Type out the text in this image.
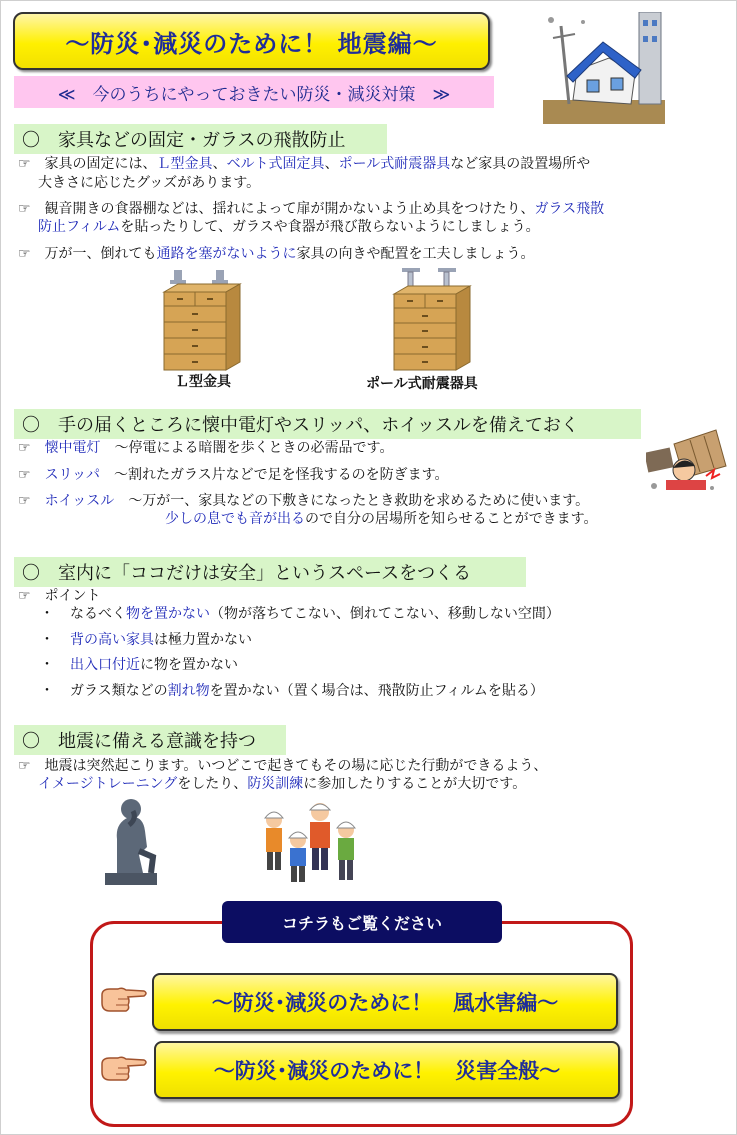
～防災･減災のために！ 地震編～
≪　今のうちにやっておきたい防災・減災対策　≫
〇　家具などの固定・ガラスの飛散防止
☞　家具の固定には、Ｌ型金具、ベルト式固定具、ポール式耐震器具など家具の設置場所や
大きさに応じたグッズがあります。
☞　観音開きの食器棚などは、揺れによって扉が開かないよう止め具をつけたり、ガラス飛散
防止フィルムを貼ったりして、ガラスや食器が飛び散らないようにしましょう。
☞　万が一、倒れても通路を塞がないように家具の向きや配置を工夫しましょう。
Ｌ型金具	ポール式耐震器具
〇　手の届くところに懐中電灯やスリッパ、ホイッスルを備えておく
☞　懐中電灯　～停電による暗闇を歩くときの必需品です。
☞　スリッパ　～割れたガラス片などで足を怪我するのを防ぎます。
☞　ホイッスル　～万が一、家具などの下敷きになったとき救助を求めるために使います。
少しの息でも音が出るので自分の居場所を知らせることができます。
〇　室内に「ココだけは安全」というスペースをつくる
☞　ポイント
・ なるべく物を置かない（物が落ちてこない、倒れてこない、移動しない空間）
・ 背の高い家具は極力置かない
・ 出入口付近に物を置かない
・ ガラス類などの割れ物を置かない（置く場合は、飛散防止フィルムを貼る）
〇　地震に備える意識を持つ
☞　地震は突然起こります。いつどこで起きてもその場に応じた行動ができるよう、
イメージトレーニングをしたり、防災訓練に参加したりすることが大切です。
コチラもご覧ください
～防災･減災のために！　風水害編～
～防災･減災のために！　災害全般～
